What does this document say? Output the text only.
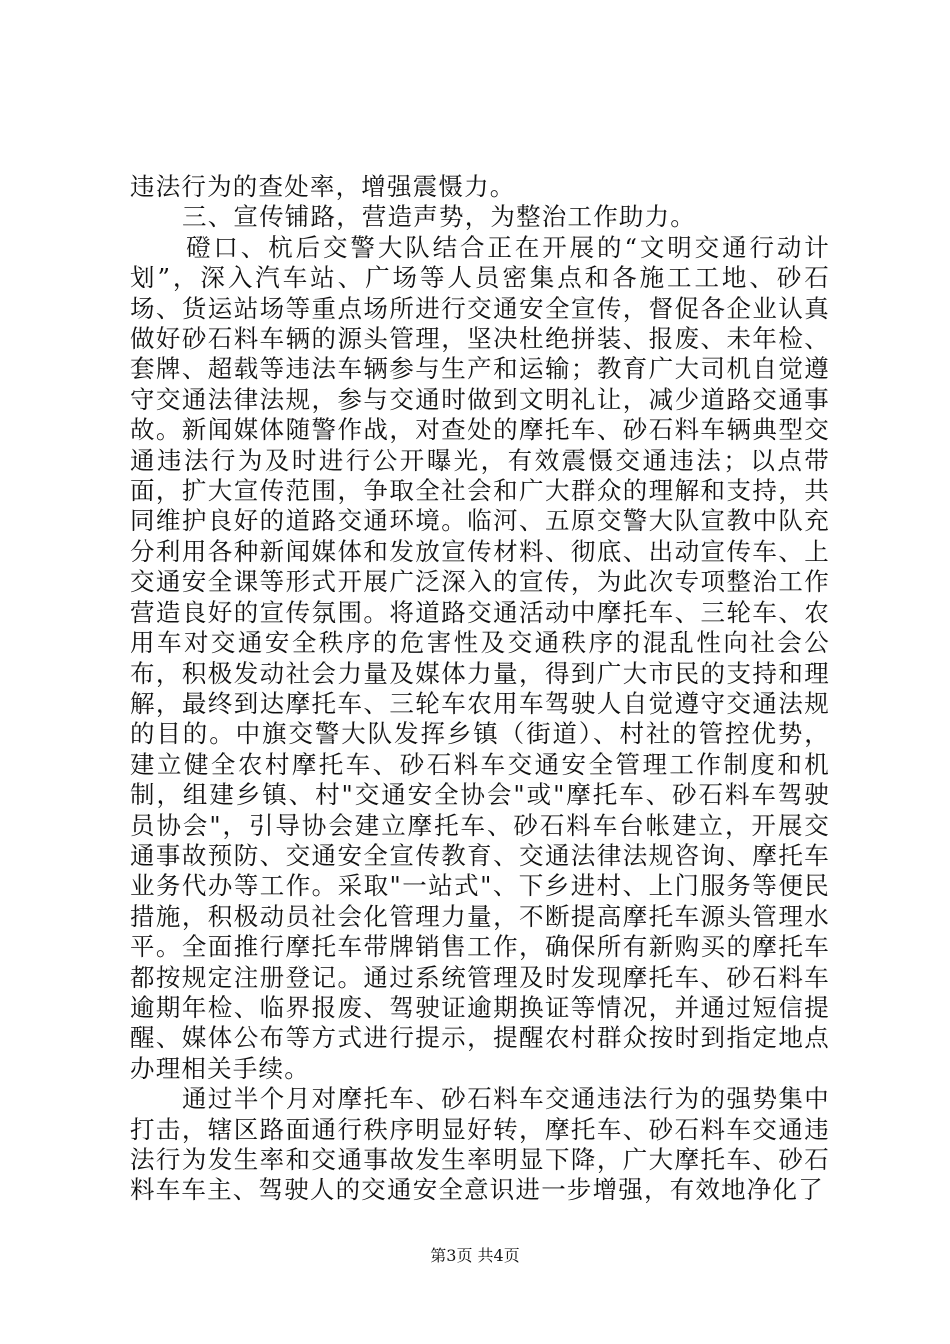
违法行为的查处率，增强震慑力。

三、宣传铺路，营造声势，为整治工作助力。

磴口、杭后交警大队结合正在开展的“文明交通行动计划”，深入汽车站、广场等人员密集点和各施工工地、砂石场、货运站场等重点场所进行交通安全宣传，督促各企业认真做好砂石料车辆的源头管理，坚决杜绝拼装、报废、未年检、套牌、超载等违法车辆参与生产和运输；教育广大司机自觉遵守交通法律法规，参与交通时做到文明礼让，减少道路交通事故。新闻媒体随警作战，对查处的摩托车、砂石料车辆典型交通违法行为及时进行公开曝光，有效震慑交通违法；以点带面，扩大宣传范围，争取全社会和广大群众的理解和支持，共同维护良好的道路交通环境。临河、五原交警大队宣教中队充分利用各种新闻媒体和发放宣传材料、彻底、出动宣传车、上交通安全课等形式开展广泛深入的宣传，为此次专项整治工作营造良好的宣传氛围。将道路交通活动中摩托车、三轮车、农用车对交通安全秩序的危害性及交通秩序的混乱性向社会公布，积极发动社会力量及媒体力量，得到广大市民的支持和理解，最终到达摩托车、三轮车农用车驾驶人自觉遵守交通法规的目的。中旗交警大队发挥乡镇（街道）、村社的管控优势，建立健全农村摩托车、砂石料车交通安全管理工作制度和机制，组建乡镇、村"交通安全协会"或"摩托车、砂石料车驾驶员协会"，引导协会建立摩托车、砂石料车台帐建立，开展交通事故预防、交通安全宣传教育、交通法律法规咨询、摩托车业务代办等工作。采取"一站式"、下乡进村、上门服务等便民措施，积极动员社会化管理力量，不断提高摩托车源头管理水平。全面推行摩托车带牌销售工作，确保所有新购买的摩托车都按规定注册登记。通过系统管理及时发现摩托车、砂石料车逾期年检、临界报废、驾驶证逾期换证等情况，并通过短信提醒、媒体公布等方式进行提示，提醒农村群众按时到指定地点办理相关手续。

通过半个月对摩托车、砂石料车交通违法行为的强势集中打击，辖区路面通行秩序明显好转，摩托车、砂石料车交通违法行为发生率和交通事故发生率明显下降，广大摩托车、砂石料车车主、驾驶人的交通安全意识进一步增强，有效地净化了

第3页 共4页
